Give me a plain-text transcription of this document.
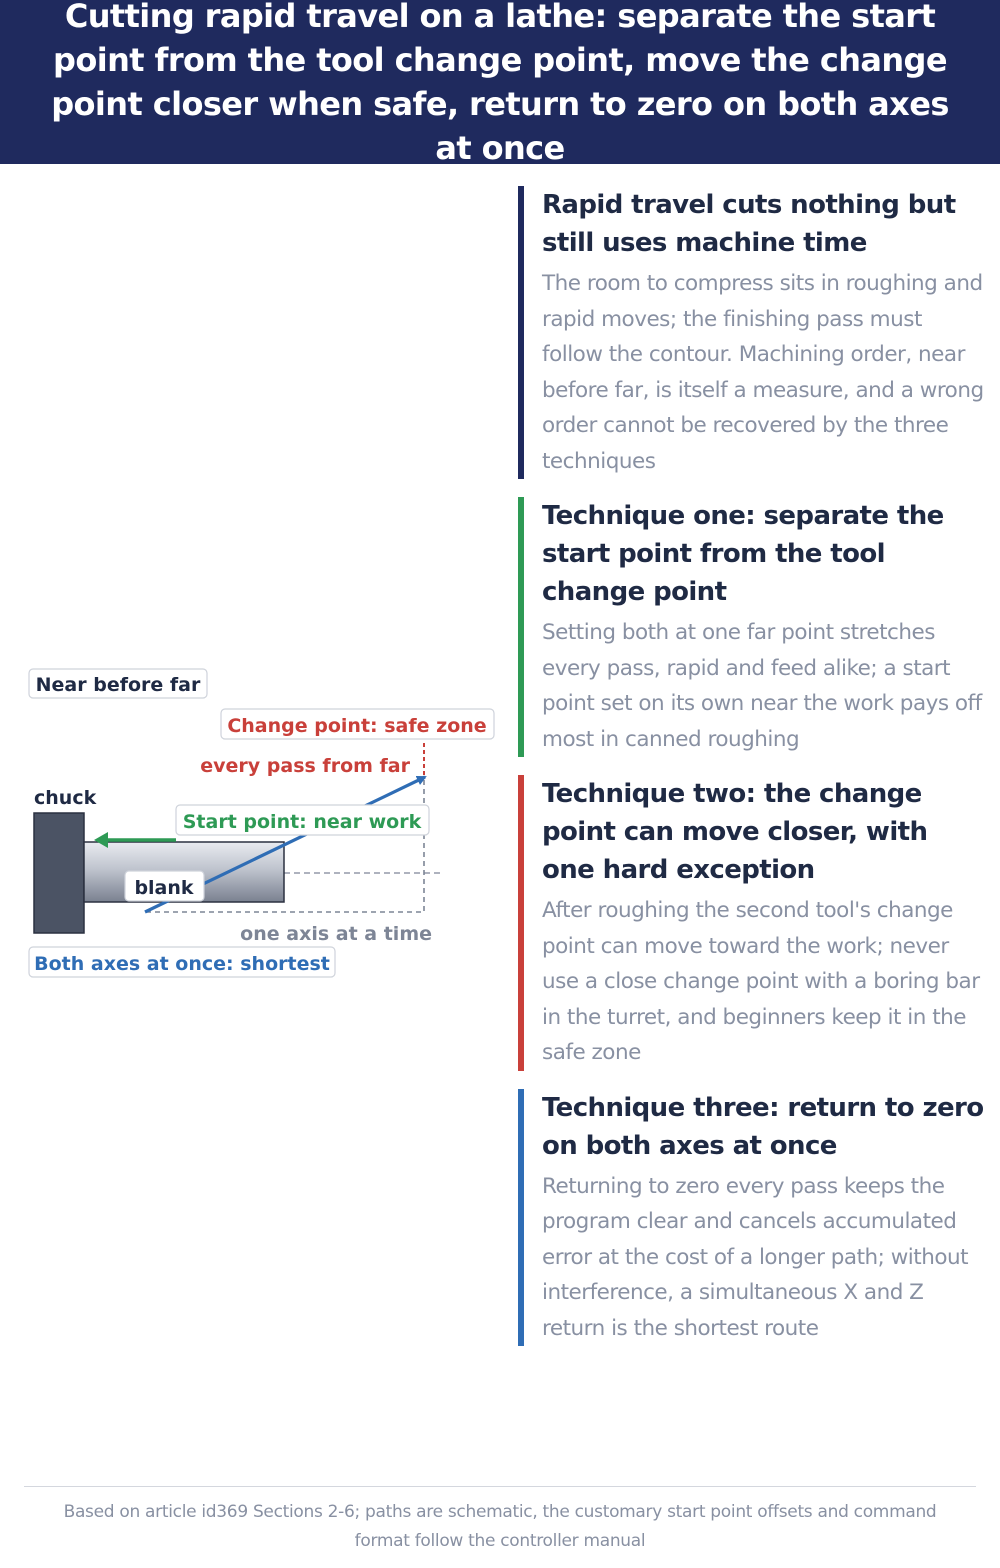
Cutting rapid travel on a lathe: separate the start point from the tool change point, move the change point closer when safe, return to zero on both axes at once
Near before far
Change point: safe zone
every pass from far
chuck
Start point: near work
blank
one axis at a time
Both axes at once: shortest
Rapid travel cuts nothing but still uses machine time

The room to compress sits in roughing and rapid moves; the finishing pass must follow the contour. Machining order, near before far, is itself a measure, and a wrong order cannot be recovered by the three techniques

Technique one: separate the start point from the tool change point

Setting both at one far point stretches every pass, rapid and feed alike; a start point set on its own near the work pays off most in canned roughing

Technique two: the change point can move closer, with one hard exception

After roughing the second tool's change point can move toward the work; never use a close change point with a boring bar in the turret, and beginners keep it in the safe zone

Technique three: return to zero on both axes at once

Returning to zero every pass keeps the program clear and cancels accumulated error at the cost of a longer path; without interference, a simultaneous X and Z return is the shortest route

Based on article id369 Sections 2-6; paths are schematic, the customary start point offsets and command format follow the controller manual
